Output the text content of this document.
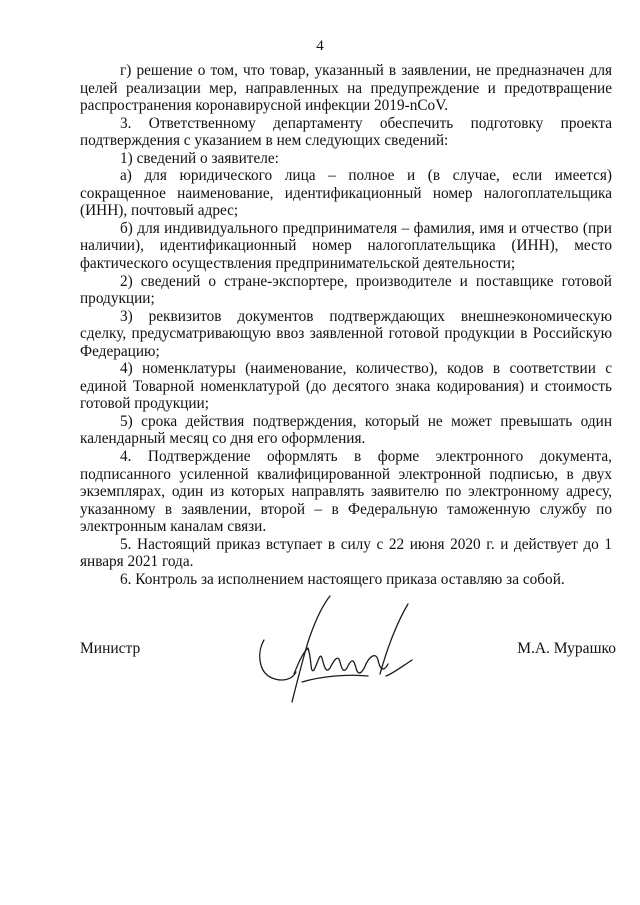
4

г) решение о том, что товар, указанный в заявлении, не предназначен для целей реализации мер, направленных на предупреждение и предотвращение распространения коронавирусной инфекции 2019-nCoV.

3. Ответственному департаменту обеспечить подготовку проекта подтверждения с указанием в нем следующих сведений:

1) сведений о заявителе:

а) для юридического лица – полное и (в случае, если имеется) сокращенное наименование, идентификационный номер налогоплательщика (ИНН), почтовый адрес;

б) для индивидуального предпринимателя – фамилия, имя и отчество (при наличии), идентификационный номер налогоплательщика (ИНН), место фактического осуществления предпринимательской деятельности;

2) сведений о стране-экспортере, производителе и поставщике готовой продукции;

3) реквизитов документов подтверждающих внешнеэкономическую сделку, предусматривающую ввоз заявленной готовой продукции в Российскую Федерацию;

4) номенклатуры (наименование, количество), кодов в соответствии с единой Товарной номенклатурой (до десятого знака кодирования) и стоимость готовой продукции;

5) срока действия подтверждения, который не может превышать один календарный месяц со дня его оформления.

4. Подтверждение оформлять в форме электронного документа, подписанного усиленной квалифицированной электронной подписью, в двух экземплярах, один из которых направлять заявителю по электронному адресу, указанному в заявлении, второй – в Федеральную таможенную службу по электронным каналам связи.

5. Настоящий приказ вступает в силу с 22 июня 2020 г. и действует до 1 января 2021 года.

6. Контроль за исполнением настоящего приказа оставляю за собой.

Министр	М.А. Мурашко
